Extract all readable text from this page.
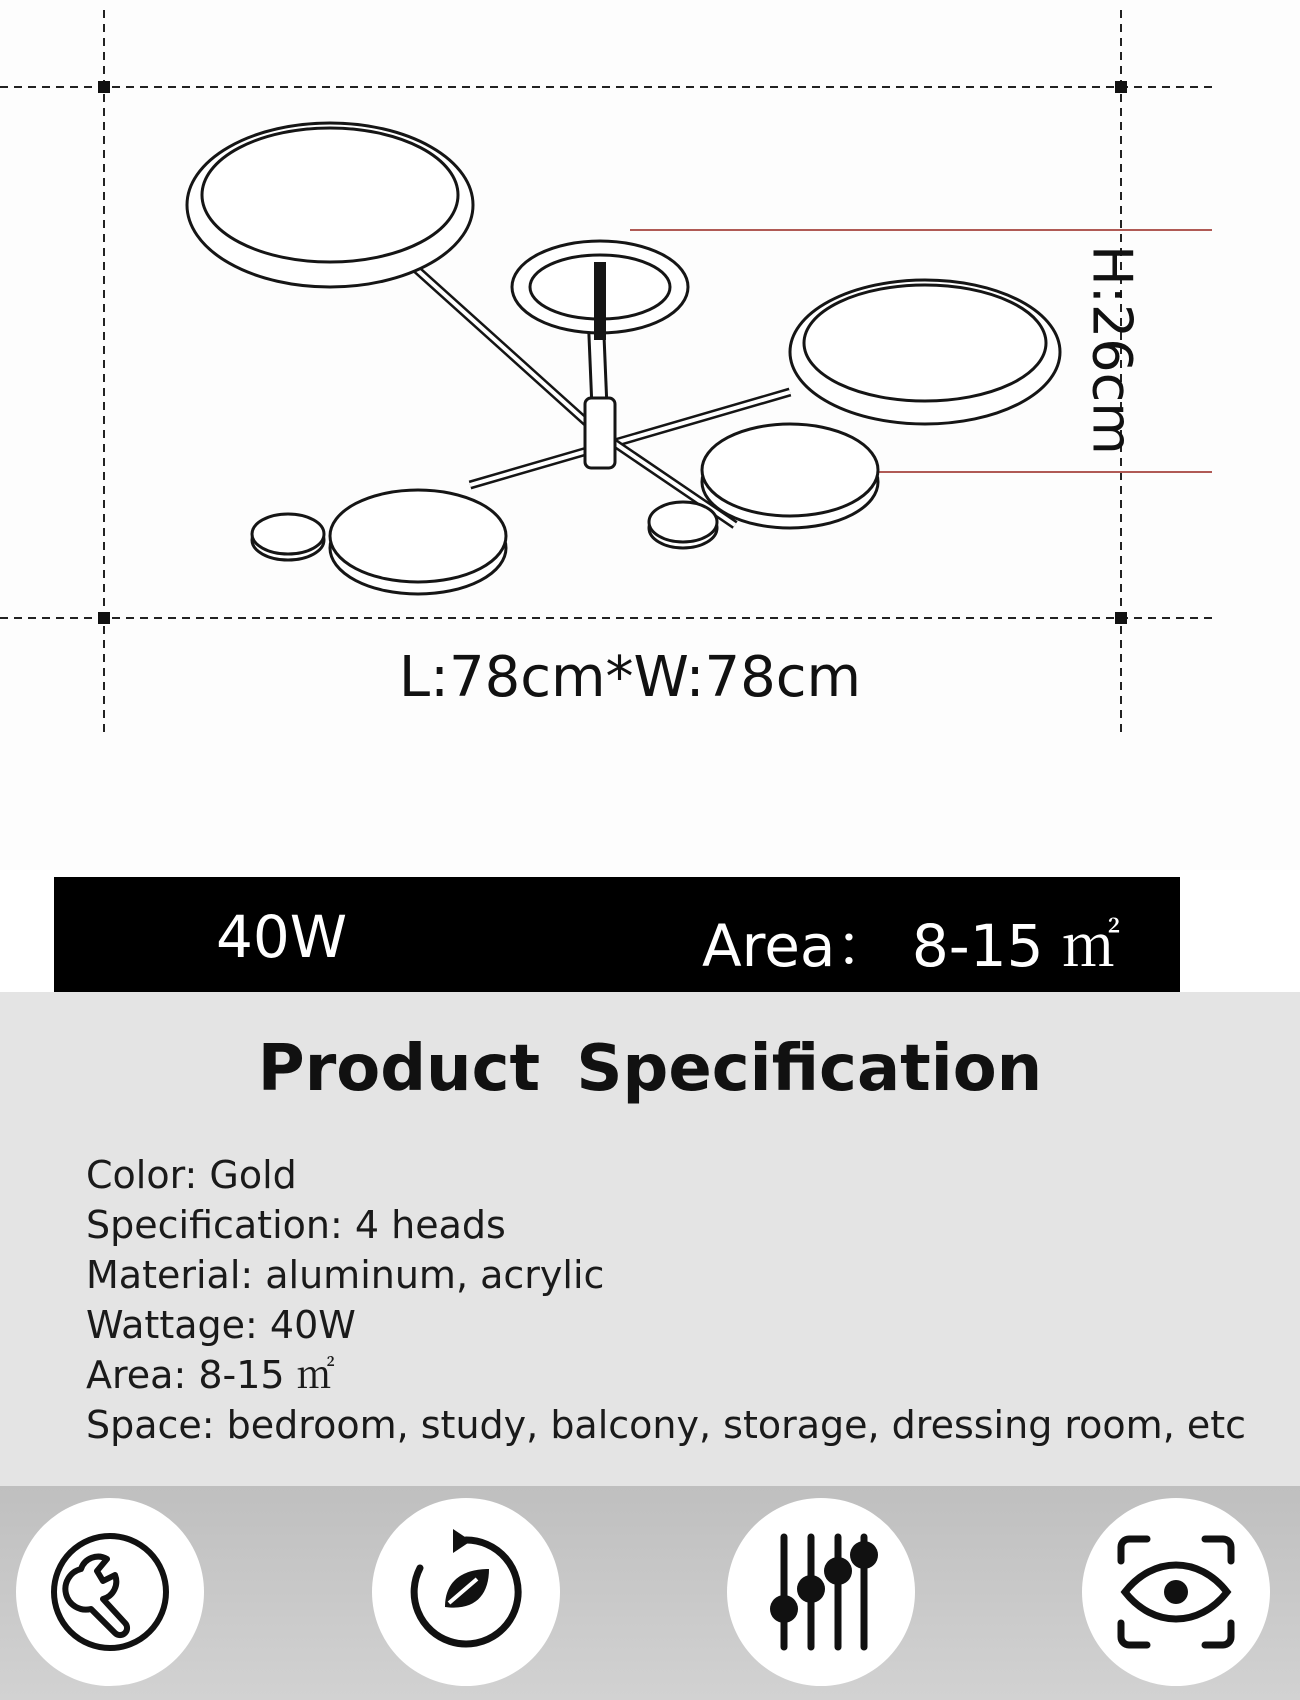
L:78cm*W:78cm
H:26cm
40W	Area： 8-15 ㎡
Product Specification
Color: Gold
Specification: 4 heads
Material: aluminum, acrylic
Wattage: 40W
Area: 8-15 ㎡
Space: bedroom, study, balcony, storage, dressing room, etc
